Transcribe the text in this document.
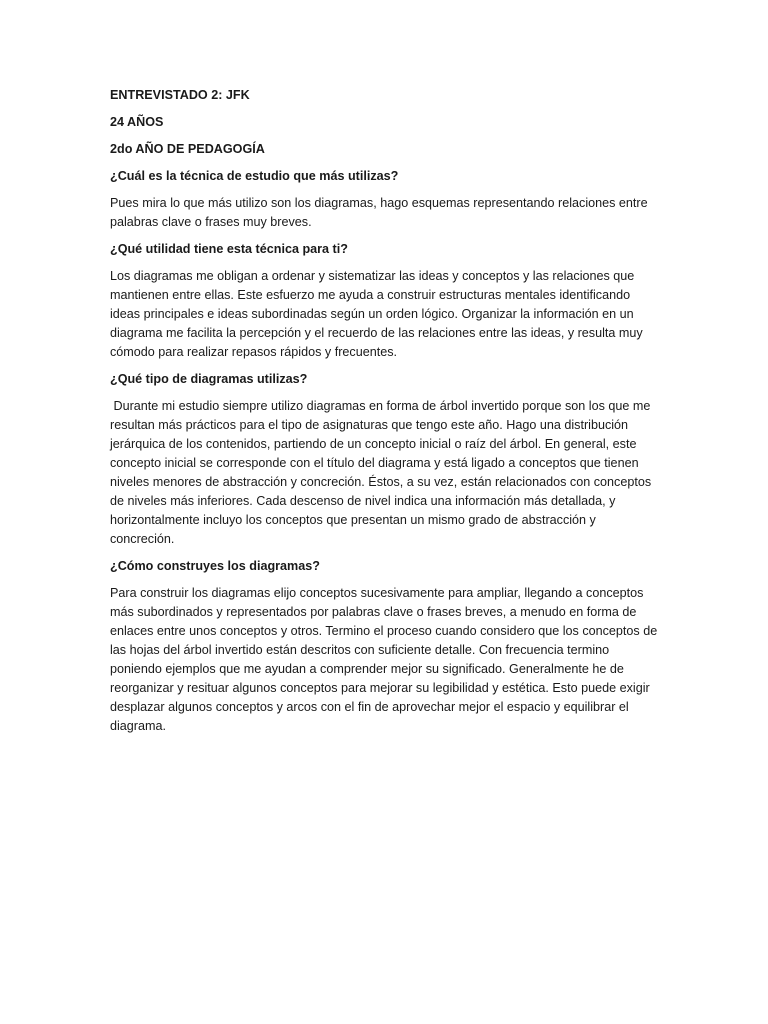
ENTREVISTADO 2: JFK

24 AÑOS

2do AÑO DE PEDAGOGÍA

¿Cuál es la técnica de estudio que más utilizas?

Pues mira lo que más utilizo son los diagramas, hago esquemas representando relaciones entre palabras clave o frases muy breves.

¿Qué utilidad tiene esta técnica para ti?

Los diagramas me obligan a ordenar y sistematizar las ideas y conceptos y las relaciones que mantienen entre ellas. Este esfuerzo me ayuda a construir estructuras mentales identificando ideas principales e ideas subordinadas según un orden lógico. Organizar la información en un diagrama me facilita la percepción y el recuerdo de las relaciones entre las ideas, y resulta muy cómodo para realizar repasos rápidos y frecuentes.

¿Qué tipo de diagramas utilizas?

Durante mi estudio siempre utilizo diagramas en forma de árbol invertido porque son los que me resultan más prácticos para el tipo de asignaturas que tengo este año. Hago una distribución jerárquica de los contenidos, partiendo de un concepto inicial o raíz del árbol. En general, este concepto inicial se corresponde con el título del diagrama y está ligado a conceptos que tienen niveles menores de abstracción y concreción. Éstos, a su vez, están relacionados con conceptos de niveles más inferiores. Cada descenso de nivel indica una información más detallada, y horizontalmente incluyo los conceptos que presentan un mismo grado de abstracción y concreción.

¿Cómo construyes los diagramas?

Para construir los diagramas elijo conceptos sucesivamente para ampliar, llegando a conceptos más subordinados y representados por palabras clave o frases breves, a menudo en forma de enlaces entre unos conceptos y otros. Termino el proceso cuando considero que los conceptos de las hojas del árbol invertido están descritos con suficiente detalle. Con frecuencia termino poniendo ejemplos que me ayudan a comprender mejor su significado. Generalmente he de reorganizar y resituar algunos conceptos para mejorar su legibilidad y estética. Esto puede exigir desplazar algunos conceptos y arcos con el fin de aprovechar mejor el espacio y equilibrar el diagrama.
